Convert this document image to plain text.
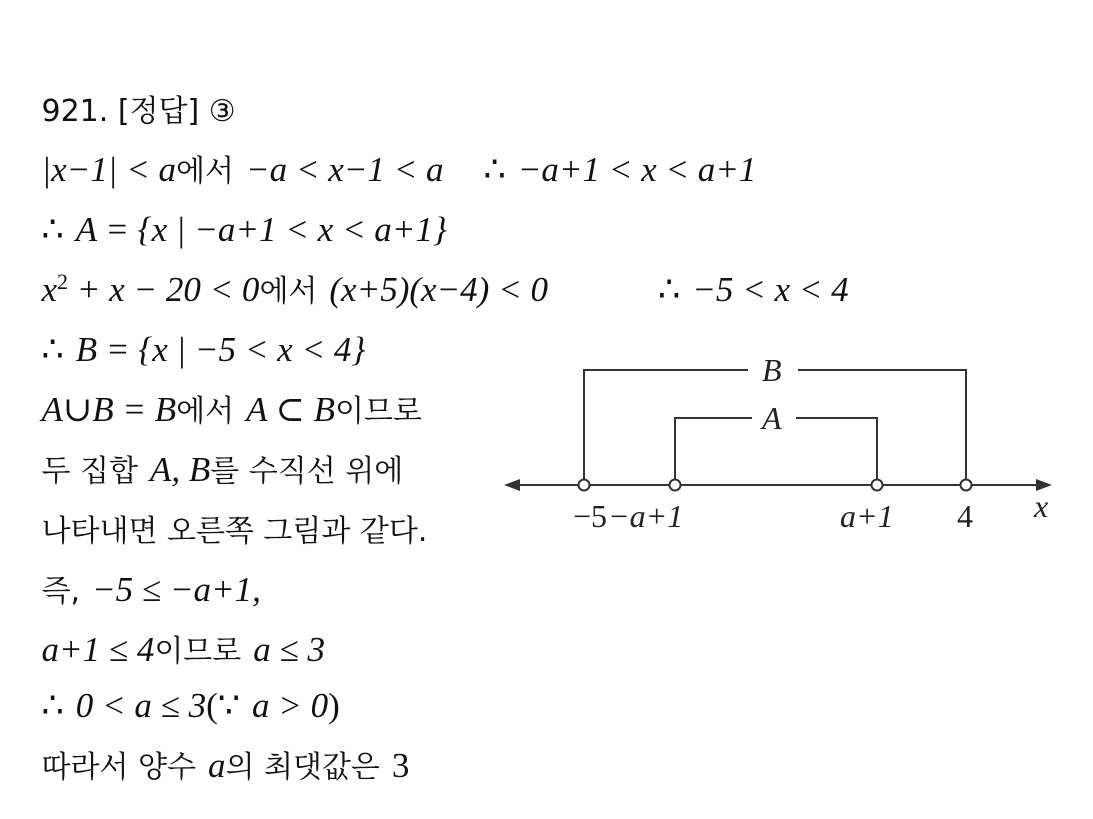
921. [정답] ③

|x−1| < a에서 −a < x−1 < a ∴ −a+1 < x < a+1

∴ A = {x | −a+1 < x < a+1}

$x^2 + x - 20 < 0$에서 (x+5)(x−4) < 0	∴ −5 < x < 4

∴ B = {x | −5 < x < 4}

A∪B = B에서 A ⊂ B이므로

두 집합 A, B를 수직선 위에

나타내면 오른쪽 그림과 같다.

즉, −5 ≤ −a+1,

a+1 ≤ 4이므로 a ≤ 3

∴ 0 < a ≤ 3(∵ a > 0)

따라서 양수 a의 최댓값은 3

B
A
−5 −a+1	a+1 4 x
